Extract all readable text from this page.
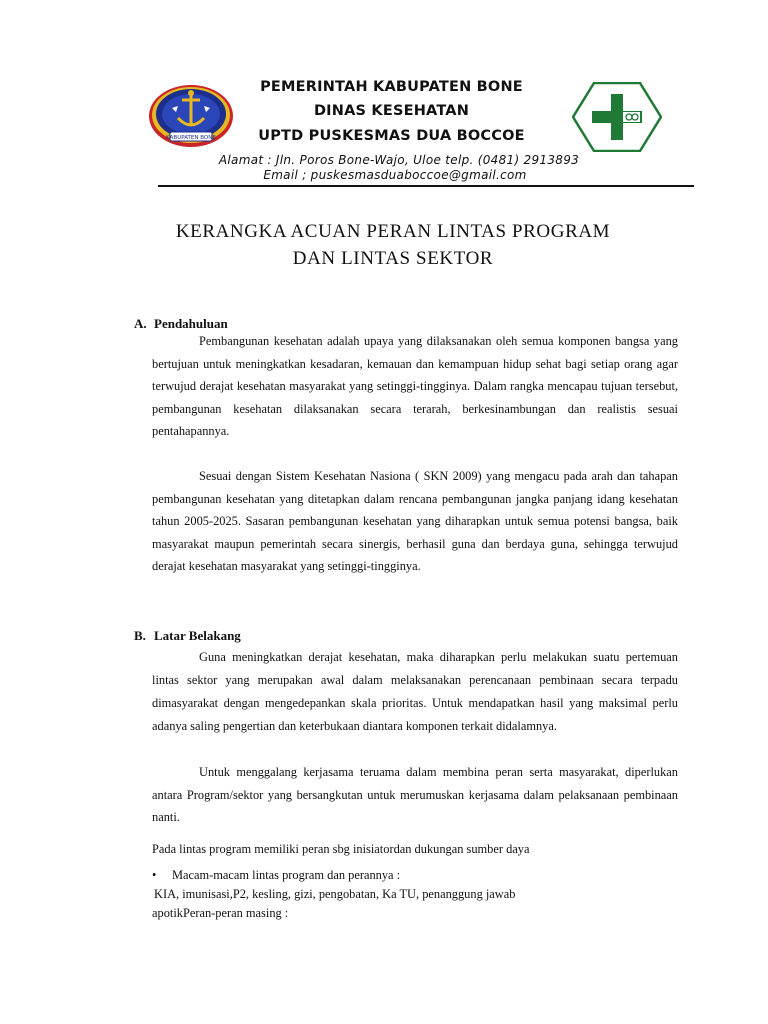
KABUPATEN BONE
PEMERINTAH KABUPATEN BONE
DINAS KESEHATAN
UPTD PUSKESMAS DUA BOCCOE
Alamat : Jln. Poros Bone-Wajo, Uloe telp. (0481) 2913893
Email ; puskesmasduaboccoe@gmail.com
KERANGKA ACUAN PERAN LINTAS PROGRAM
DAN LINTAS SEKTOR
A. Pendahuluan

Pembangunan kesehatan adalah upaya yang dilaksanakan oleh semua komponen bangsa yang bertujuan untuk meningkatkan kesadaran, kemauan dan kemampuan hidup sehat bagi setiap orang agar terwujud derajat kesehatan masyarakat yang setinggi-tingginya. Dalam rangka mencapau tujuan tersebut, pembangunan kesehatan dilaksanakan secara terarah, berkesinambungan dan realistis sesuai pentahapannya.

Sesuai dengan Sistem Kesehatan Nasiona ( SKN 2009) yang mengacu pada arah dan tahapan pembangunan kesehatan yang ditetapkan dalam rencana pembangunan jangka panjang idang kesehatan tahun 2005-2025. Sasaran pembangunan kesehatan yang diharapkan untuk semua potensi bangsa, baik masyarakat maupun pemerintah secara sinergis, berhasil guna dan berdaya guna, sehingga terwujud derajat kesehatan masyarakat yang setinggi-tingginya.

B. Latar Belakang

Guna meningkatkan derajat kesehatan, maka diharapkan perlu melakukan suatu pertemuan lintas sektor yang merupakan awal dalam melaksanakan perencanaan pembinaan secara terpadu dimasyarakat dengan mengedepankan skala prioritas. Untuk mendapatkan hasil yang maksimal perlu adanya saling pengertian dan keterbukaan diantara komponen terkait didalamnya.

Untuk menggalang kerjasama teruama dalam membina peran serta masyarakat, diperlukan antara Program/sektor yang bersangkutan untuk merumuskan kerjasama dalam pelaksanaan pembinaan nanti.

Pada lintas program memiliki peran sbg inisiatordan dukungan sumber daya
• Macam-macam lintas program dan perannya :
KIA, imunisasi,P2, kesling, gizi, pengobatan, Ka TU, penanggung jawab
apotikPeran-peran masing :
